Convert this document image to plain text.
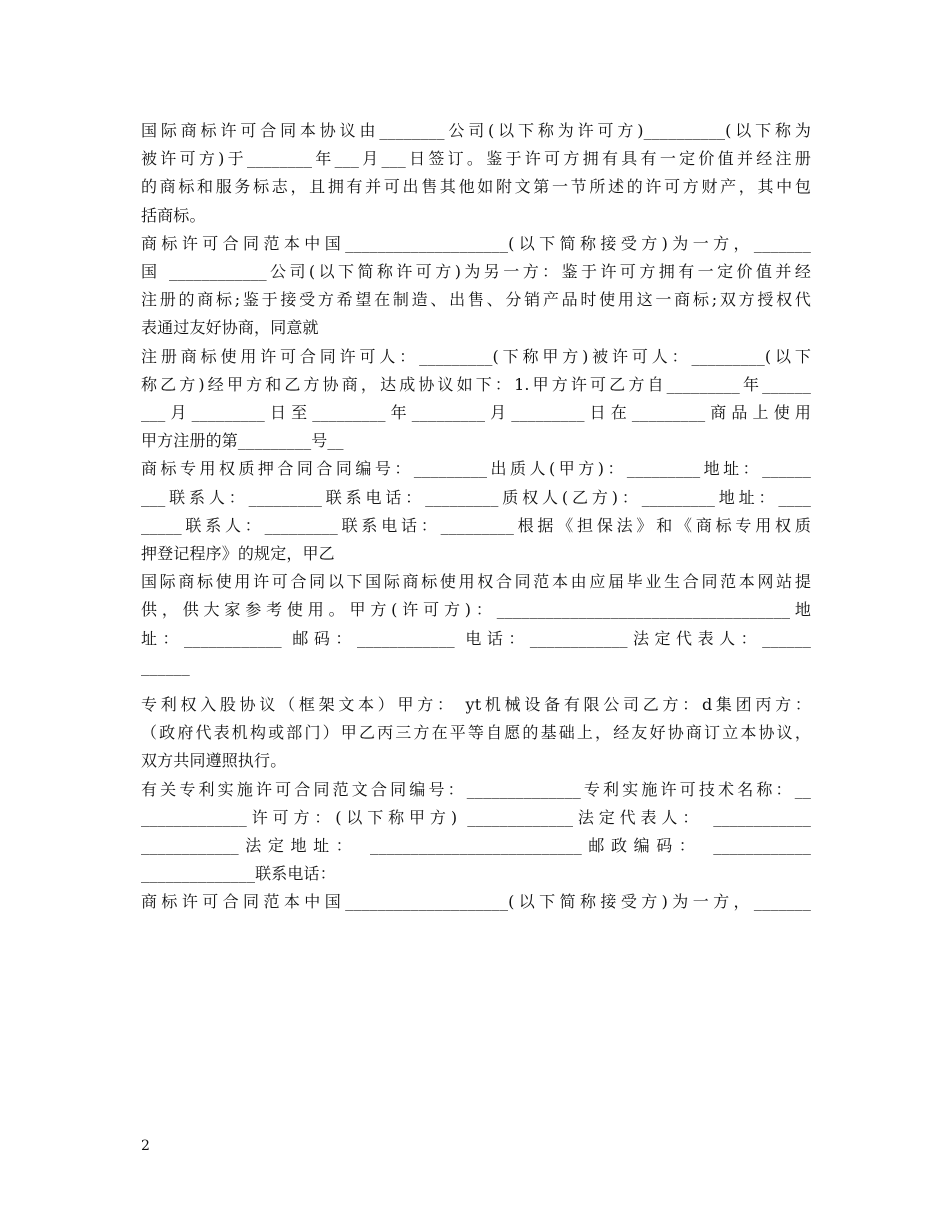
国际商标许可合同本协议由________公司(以下称为许可方)__________(以下称为
被许可方)于________年___月___日签订。鉴于许可方拥有具有一定价值并经注册
的商标和服务标志，且拥有并可出售其他如附文第一节所述的许可方财产，其中包
括商标。
商标许可合同范本中国____________________(以下简称接受方)为一方，_______
国 ____________公司(以下简称许可方)为另一方：鉴于许可方拥有一定价值并经
注册的商标;鉴于接受方希望在制造、出售、分销产品时使用这一商标;双方授权代
表通过友好协商，同意就
注册商标使用许可合同许可人：_________(下称甲方)被许可人：_________(以下
称乙方)经甲方和乙方协商，达成协议如下：1.甲方许可乙方自_________年______
___月_________日至_________年_________月_________日在_________商品上使用
甲方注册的第_________号__
商标专用权质押合同合同编号：_________出质人(甲方)：_________地址：______
___联系人：_________联系电话：_________质权人(乙方)：_________地址：____
_____联系人：_________联系电话：_________根据《担保法》和《商标专用权质
押登记程序》的规定，甲乙
国际商标使用许可合同以下国际商标使用权合同范本由应届毕业生合同范本网站提
供，供大家参考使用。甲方(许可方)：____________________________________地
址：____________ 邮码：____________ 电话：____________法定代表人：______
______
专利权入股协议（框架文本）甲方： yt机械设备有限公司乙方：d集团丙方：
（政府代表机构或部门）甲乙丙三方在平等自愿的基础上，经友好协商订立本协议，
双方共同遵照执行。
有关专利实施许可合同范文合同编号：______________专利实施许可技术名称：__
_____________许可方：(以下称甲方) _____________法定代表人： ____________
____________法定地址： __________________________邮政编码： ____________
______________联系电话：
商标许可合同范本中国____________________(以下简称接受方)为一方，_______
2
